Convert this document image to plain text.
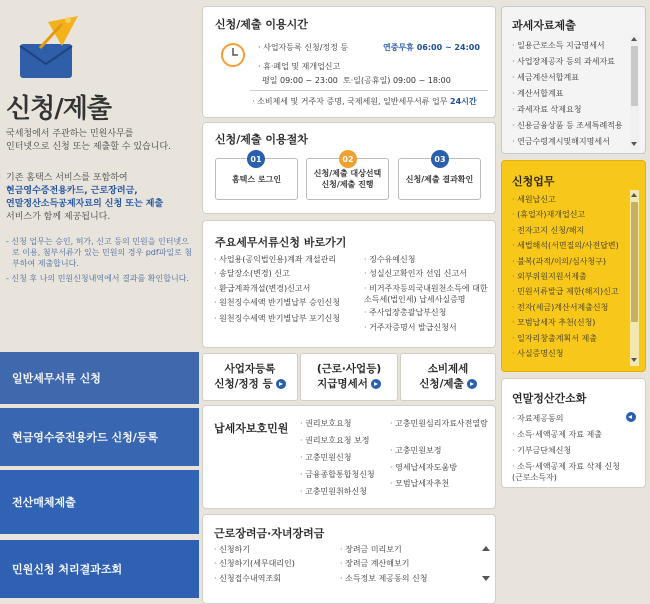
신청/제출
국세청에서 주관하는 민원사무를
인터넷으로 신청 또는 제출할 수 있습니다.
기존 홈택스 서비스를 포함하여
현금영수증전용카드, 근로장려금,
연말정산소득공제자료의 신청 또는 제출
서비스가 함께 제공됩니다.
- 신청 업무는 승인, 허가, 신고 등의 민원을 인터넷으로 이용, 첨부서류가 있는 민원의 경우 pdf파일로 첨부하여 제출합니다.
- 신청 후 나의 민원신청내역에서 결과를 확인합니다.
일반세무서류 신청
현금영수증전용카드 신청/등록
전산매체제출
민원신청 처리결과조회
신청/제출 이용시간
· 사업자등록 신청/정정 등	연중무휴 06:00 ~ 24:00
· 휴·폐업 및 재개업신고
평일 09:00 ~ 23:00 토·일(공휴일) 09:00 ~ 18:00
· 소비제세 및 거주자 증명, 국제세원, 일반세무서류 업무 24시간
신청/제출 이용절차
홈텍스 로그인
신청/제출 대상선택
신청/제출 진행
신청/제출 결과확인
01	02	03
주요세무서류신청 바로가기
· 사업용(공익법인용)계좌 개설관리
· 송달장소(변경) 신고
· 환급계좌개설(변경)신고서
· 원천징수세액 반기별납부 승인신청
· 원천징수세액 반기별납부 포기신청
· 징수유예신청
· 성실신고확인자 선임 신고서
· 비거주자등의국내원천소득에 대한 소득세(법인세) 납세사실증명
· 주사업장총괄납부신청
· 거주자증명서 발급신청서
사업자등록
신청/정정 등
(근로·사업등)
지급명세서
소비제세
신청/제출
납세자보호민원
·	권리보호요청
· 권리보호요청 보정
· 고충민원신청
· 금융종합통합청신청
· 고충민원취하신청
· 고충민원심리자료사전열람
· 고충민원보정
· 영세납세자도움방
· 모범납세자추천
근로장려금·자녀장려금
· 신청하기
· 신청하기(세무대리인)
· 신청접수내역조회
· 장려금 미리보기
· 장려금 계산해보기
· 소득정보 제공동의 신청
과세자료제출
· 일용근로소득 지급명세서
· 사업장제공자 등의 과세자료
· 세금계산서합계표
· 계산서합계표
· 과세자료 삭제요청
· 신용금융상품 등 조세특례적용
· 연금수령계시및해지명세서
신청업무
· 세원납신고
· (휴업자)재개업신고
· 전자고지 신청/해지
· 세법해석(서면질의/사전답변)
· 불복(과적/이의/심사청구)
· 외부위원지원서제출
· 민원서류발급 제한(해지)신고
· 전자(세금)계산서제출신청
· 모범납세자 추천(신청)
· 일자리창출계획서 제출
· 사실증명신청
연말정산간소화
· 자료제공동의
· 소득·세액공제 자료 제출
· 기부금단체신청
· 소득·세액공제 자료 삭제 신청 (근로소득자)
